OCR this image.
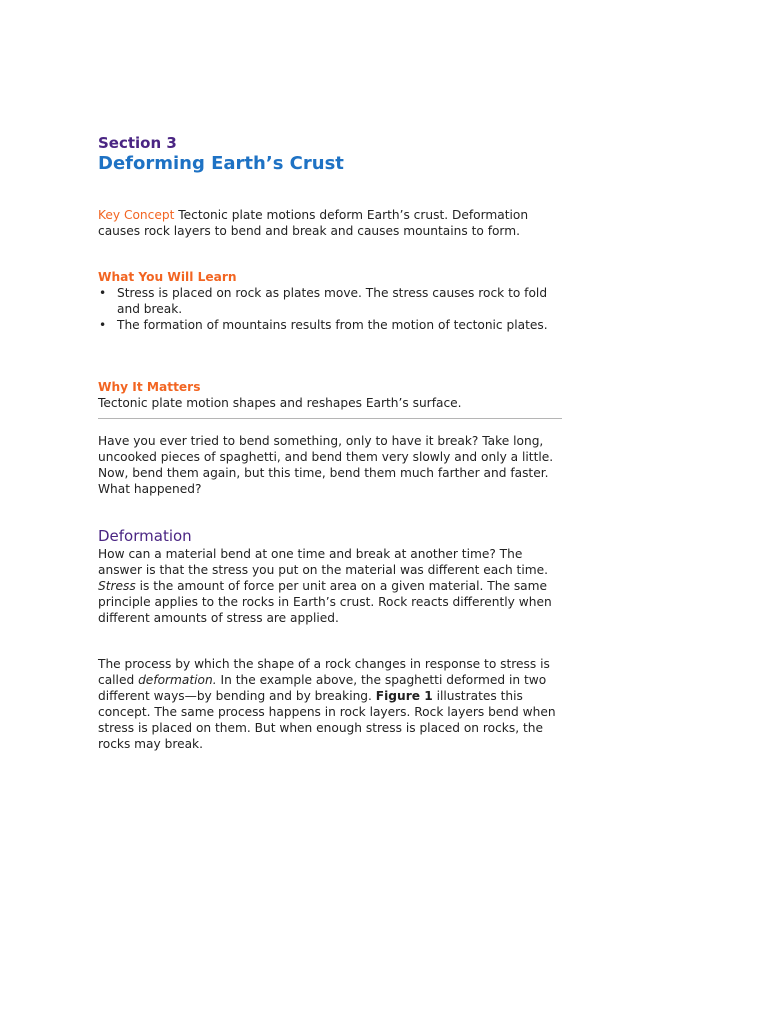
Section 3
Deforming Earth’s Crust

Key Concept Tectonic plate motions deform Earth’s crust. Deformation causes rock layers to bend and break and causes mountains to form.

What You Will Learn

• Stress is placed on rock as plates move. The stress causes rock to fold and break.
• The formation of mountains results from the motion of tectonic plates.

Why It Matters

Tectonic plate motion shapes and reshapes Earth’s surface.

Have you ever tried to bend something, only to have it break? Take long, uncooked pieces of spaghetti, and bend them very slowly and only a little. Now, bend them again, but this time, bend them much farther and faster. What happened?

Deformation

How can a material bend at one time and break at another time? The answer is that the stress you put on the material was different each time. Stress is the amount of force per unit area on a given material. The same principle applies to the rocks in Earth’s crust. Rock reacts differently when different amounts of stress are applied.

The process by which the shape of a rock changes in response to stress is called deformation. In the example above, the spaghetti deformed in two different ways—by bending and by breaking. Figure 1 illustrates this concept. The same process happens in rock layers. Rock layers bend when stress is placed on them. But when enough stress is placed on rocks, the rocks may break.
